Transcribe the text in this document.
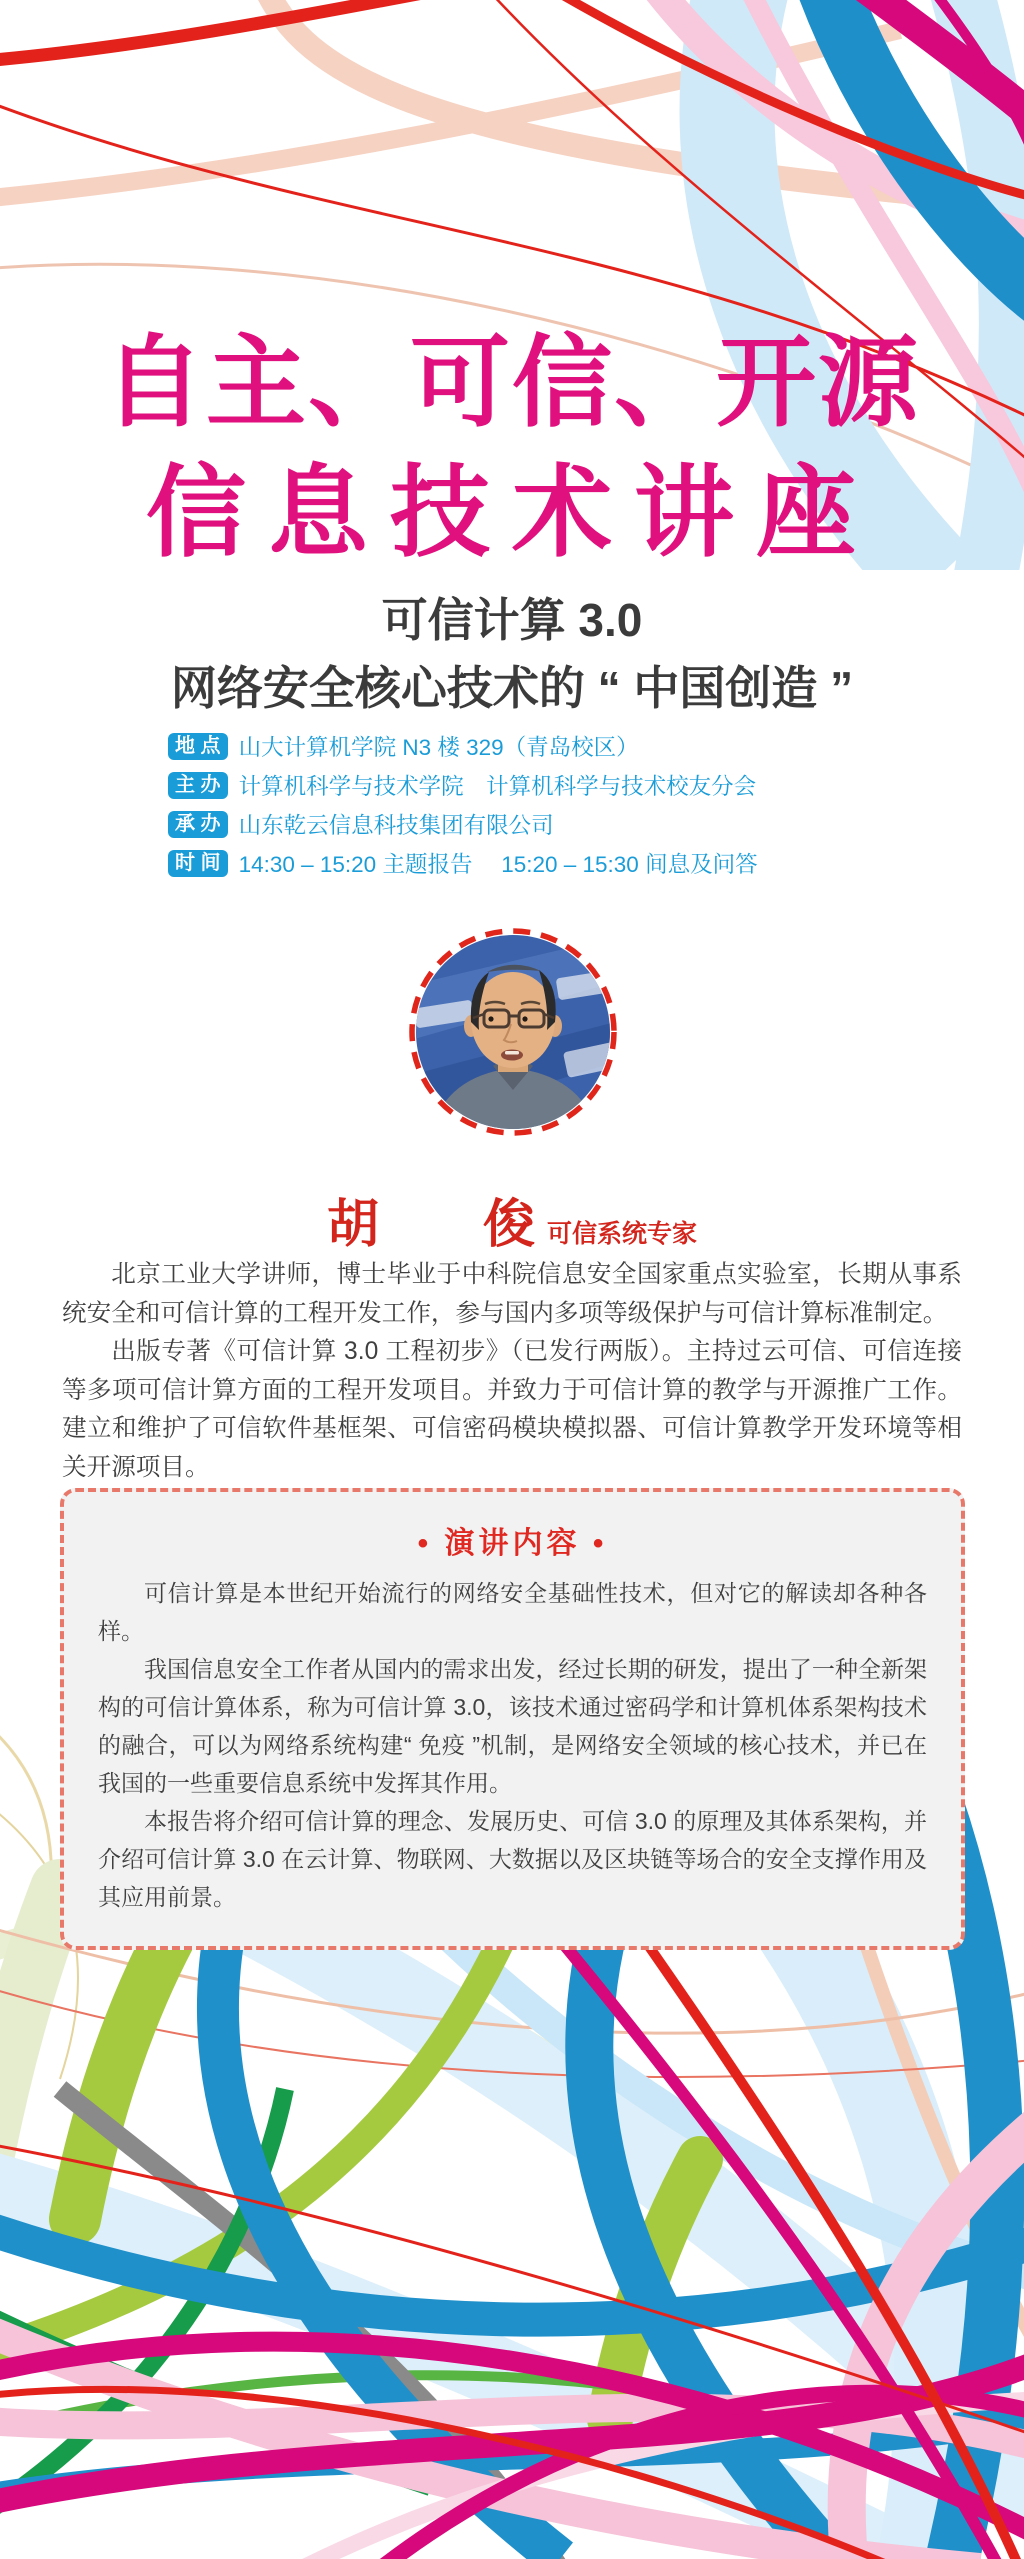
自主、可信、开源
信息技术讲座
可信计算 3.0
网络安全核心技术的 “ 中国创造 ”
地 点 山大计算机学院 N3 楼 329（青岛校区）
主 办 计算机科学与技术学院　计算机科学与技术校友分会
承 办 山东乾云信息科技集团有限公司
时 间 14:30 – 15:20 主题报告　 15:20 – 15:30 间息及问答
胡　　俊 可信系统专家

北京工业大学讲师，博士毕业于中科院信息安全国家重点实验室，长期从事系统安全和可信计算的工程开发工作，参与国内多项等级保护与可信计算标准制定。

出版专著《可信计算 3.0 工程初步》（已发行两版）。主持过云可信、可信连接等多项可信计算方面的工程开发项目。并致力于可信计算的教学与开源推广工作。建立和维护了可信软件基框架、可信密码模块模拟器、可信计算教学开发环境等相关开源项目。

• 演讲内容 •

可信计算是本世纪开始流行的网络安全基础性技术，但对它的解读却各种各样。

我国信息安全工作者从国内的需求出发，经过长期的研发，提出了一种全新架构的可信计算体系，称为可信计算 3.0，该技术通过密码学和计算机体系架构技术的融合，可以为网络系统构建“ 免疫 ”机制，是网络安全领域的核心技术，并已在我国的一些重要信息系统中发挥其作用。

本报告将介绍可信计算的理念、发展历史、可信 3.0 的原理及其体系架构，并介绍可信计算 3.0 在云计算、物联网、大数据以及区块链等场合的安全支撑作用及其应用前景。
